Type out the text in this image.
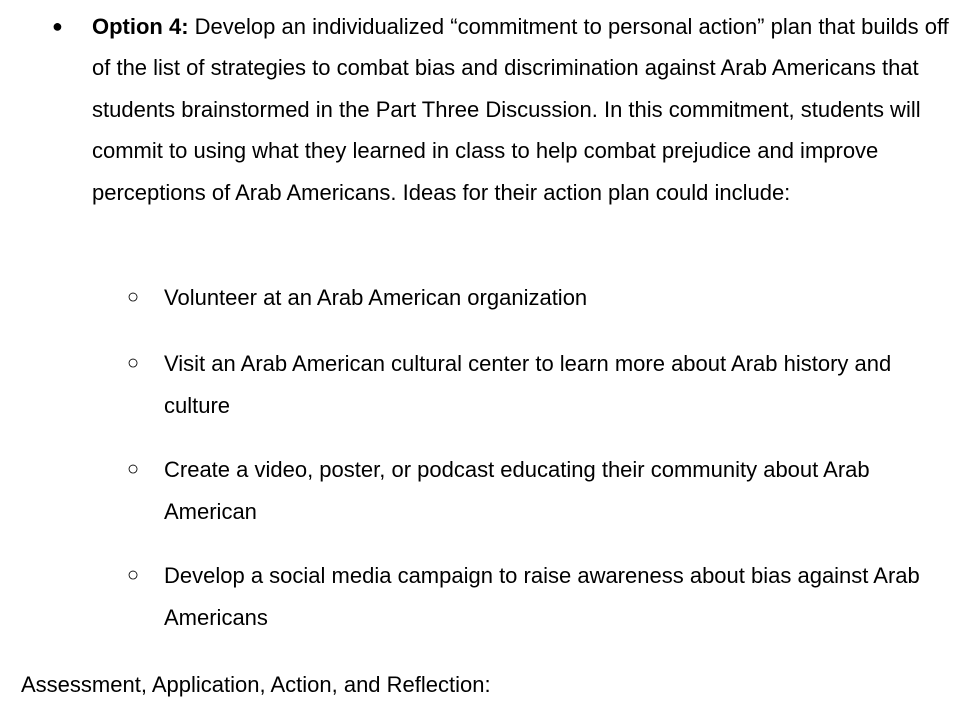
●	Option 4: Develop an individualized “commitment to personal action” plan that builds off of the list of strategies to combat bias and discrimination against Arab Americans that students brainstormed in the Part Three Discussion. In this commitment, students will commit to using what they learned in class to help combat prejudice and improve perceptions of Arab Americans. Ideas for their action plan could include:

○	Volunteer at an Arab American organization
○	Visit an Arab American cultural center to learn more about Arab history and culture
○	Create a video, poster, or podcast educating their community about Arab American
○	Develop a social media campaign to raise awareness about bias against Arab Americans
Assessment, Application, Action, and Reflection:
